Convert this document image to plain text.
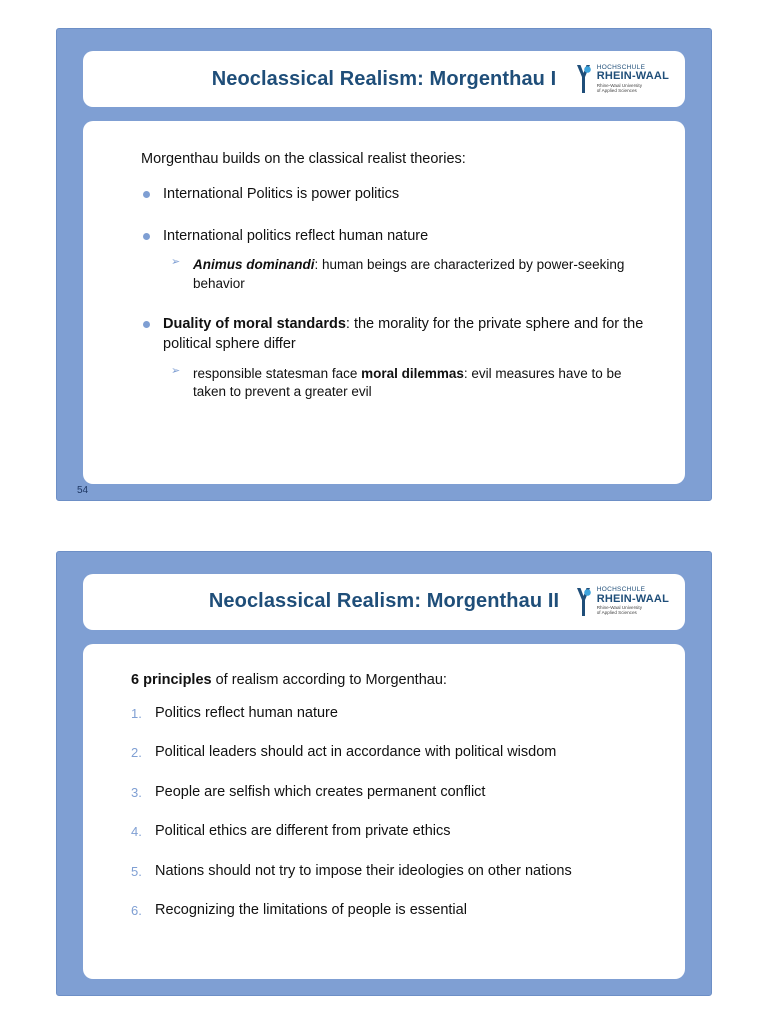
Neoclassical Realism: Morgenthau I
HOCHSCHULE
RHEIN-WAAL
Rhine-Waal University
of Applied Sciences
Morgenthau builds on the classical realist theories:
International Politics is power politics
International politics reflect human nature
➢ Animus dominandi: human beings are characterized by power-seeking behavior
Duality of moral standards: the morality for the private sphere and for the political sphere differ
➢ responsible statesman face moral dilemmas: evil measures have to be taken to prevent a greater evil
54
Neoclassical Realism: Morgenthau II
HOCHSCHULE
RHEIN-WAAL
Rhine-Waal University
of Applied Sciences
6 principles of realism according to Morgenthau:
Politics reflect human nature
Political leaders should act in accordance with political wisdom
People are selfish which creates permanent conflict
Political ethics are different from private ethics
Nations should not try to impose their ideologies on other nations
Recognizing the limitations of people is essential
